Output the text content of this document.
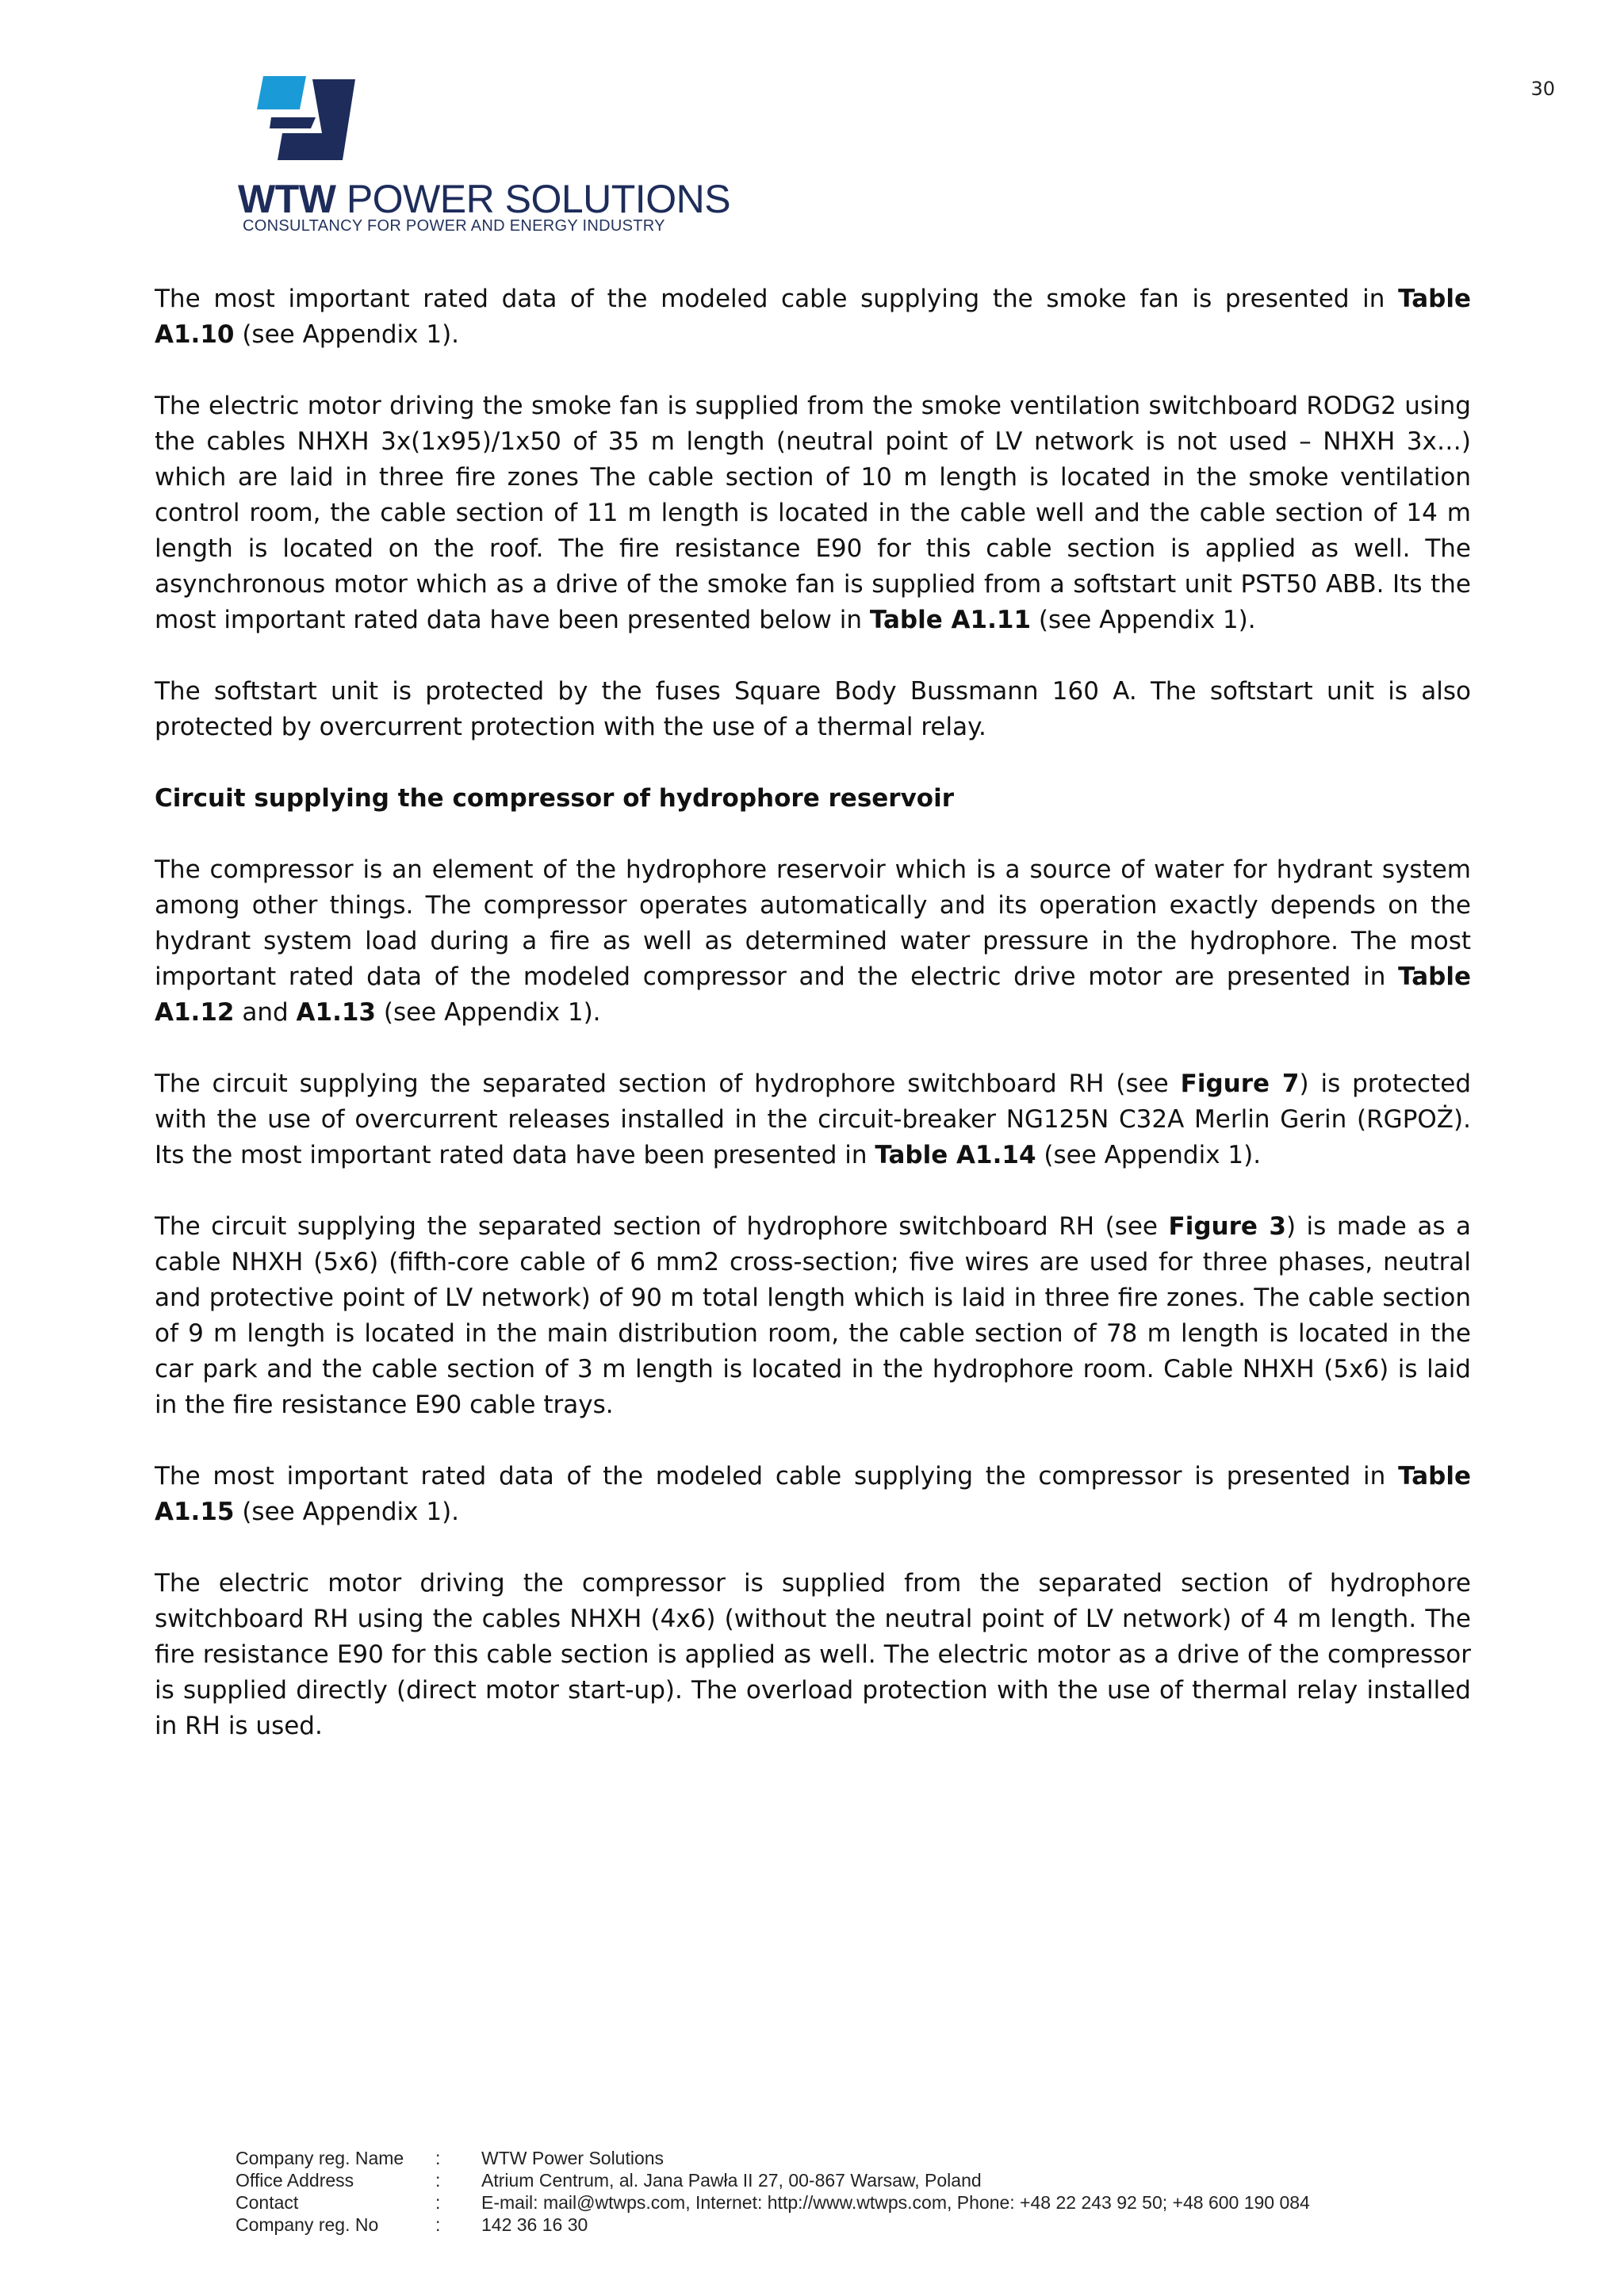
30
WTW POWER SOLUTIONS
CONSULTANCY FOR POWER AND ENERGY INDUSTRY

The most important rated data of the modeled cable supplying the smoke fan is presented in Table A1.10 (see Appendix 1).

The electric motor driving the smoke fan is supplied from the smoke ventilation switchboard RODG2 using the cables NHXH 3x(1x95)/1x50 of 35 m length (neutral point of LV network is not used – NHXH 3x…) which are laid in three fire zones The cable section of 10 m length is located in the smoke ventilation control room, the cable section of 11 m length is located in the cable well and the cable section of 14 m length is located on the roof. The fire resistance E90 for this cable section is applied as well. The asynchronous motor which as a drive of the smoke fan is supplied from a softstart unit PST50 ABB. Its the most important rated data have been presented below in Table A1.11 (see Appendix 1).

The softstart unit is protected by the fuses Square Body Bussmann 160 A. The softstart unit is also protected by overcurrent protection with the use of a thermal relay.

Circuit supplying the compressor of hydrophore reservoir

The compressor is an element of the hydrophore reservoir which is a source of water for hydrant system among other things. The compressor operates automatically and its operation exactly depends on the hydrant system load during a fire as well as determined water pressure in the hydrophore. The most important rated data of the modeled compressor and the electric drive motor are presented in Table A1.12 and A1.13 (see Appendix 1).

The circuit supplying the separated section of hydrophore switchboard RH (see Figure 7) is protected with the use of overcurrent releases installed in the circuit-breaker NG125N C32A Merlin Gerin (RGPOŻ). Its the most important rated data have been presented in Table A1.14 (see Appendix 1).

The circuit supplying the separated section of hydrophore switchboard RH (see Figure 3) is made as a cable NHXH (5x6) (fifth-core cable of 6 mm2 cross-section; five wires are used for three phases, neutral and protective point of LV network) of 90 m total length which is laid in three fire zones. The cable section of 9 m length is located in the main distribution room, the cable section of 78 m length is located in the car park and the cable section of 3 m length is located in the hydrophore room. Cable NHXH (5x6) is laid in the fire resistance E90 cable trays.

The most important rated data of the modeled cable supplying the compressor is presented in Table A1.15 (see Appendix 1).

The electric motor driving the compressor is supplied from the separated section of hydrophore switchboard RH using the cables NHXH (4x6) (without the neutral point of LV network) of 4 m length. The fire resistance E90 for this cable section is applied as well. The electric motor as a drive of the compressor is supplied directly (direct motor start-up). The overload protection with the use of thermal relay installed in RH is used.

Company reg. Name	:	WTW Power Solutions
Office Address	:	Atrium Centrum, al. Jana Pawła II 27, 00-867 Warsaw, Poland
Contact	:	E-mail: mail@wtwps.com, Internet: http://www.wtwps.com, Phone: +48 22 243 92 50; +48 600 190 084
Company reg. No	:	142 36 16 30
